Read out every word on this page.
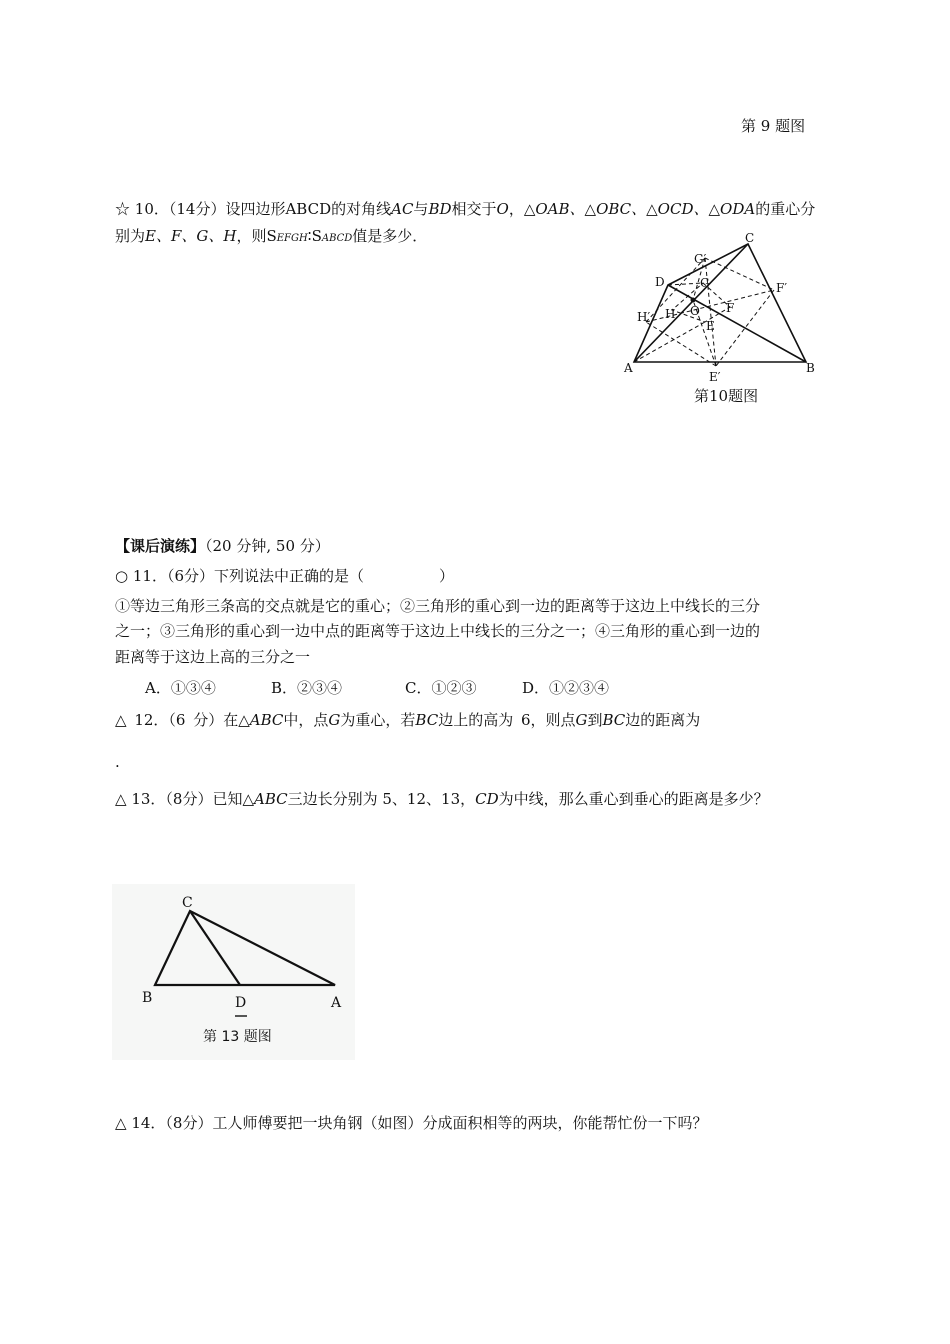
第 9 题图
☆ 10．（14分）设四边形ABCD的对角线AC与BD相交于O，△OAB、△OBC、△OCD、△ODA的重心分
别为E、F、G、H，则SEFGH∶SABCD值是多少．
A	B
C
D
O
E
F
G
H
E′
F′
G′
H′
第10题图
【课后演练】（20 分钟, 50 分）
○ 11．（6分）下列说法中正确的是（　　　　　）
①等边三角形三条高的交点就是它的重心；②三角形的重心到一边的距离等于这边上中线长的三分
之一；③三角形的重心到一边中点的距离等于这边上中线长的三分之一；④三角形的重心到一边的
距离等于这边上高的三分之一
A．①③④	B．②③④	C．①②③	D．①②③④
△ 12．（6 分）在△ABC中，点G为重心，若BC边上的高为 6，则点G到BC边的距离为
.
△ 13．（8分）已知△ABC三边长分别为 5、12、13，CD为中线，那么重心到垂心的距离是多少？
C
B	D	A
第 13 题图
△ 14．（8分）工人师傅要把一块角钢（如图）分成面积相等的两块，你能帮忙份一下吗？
